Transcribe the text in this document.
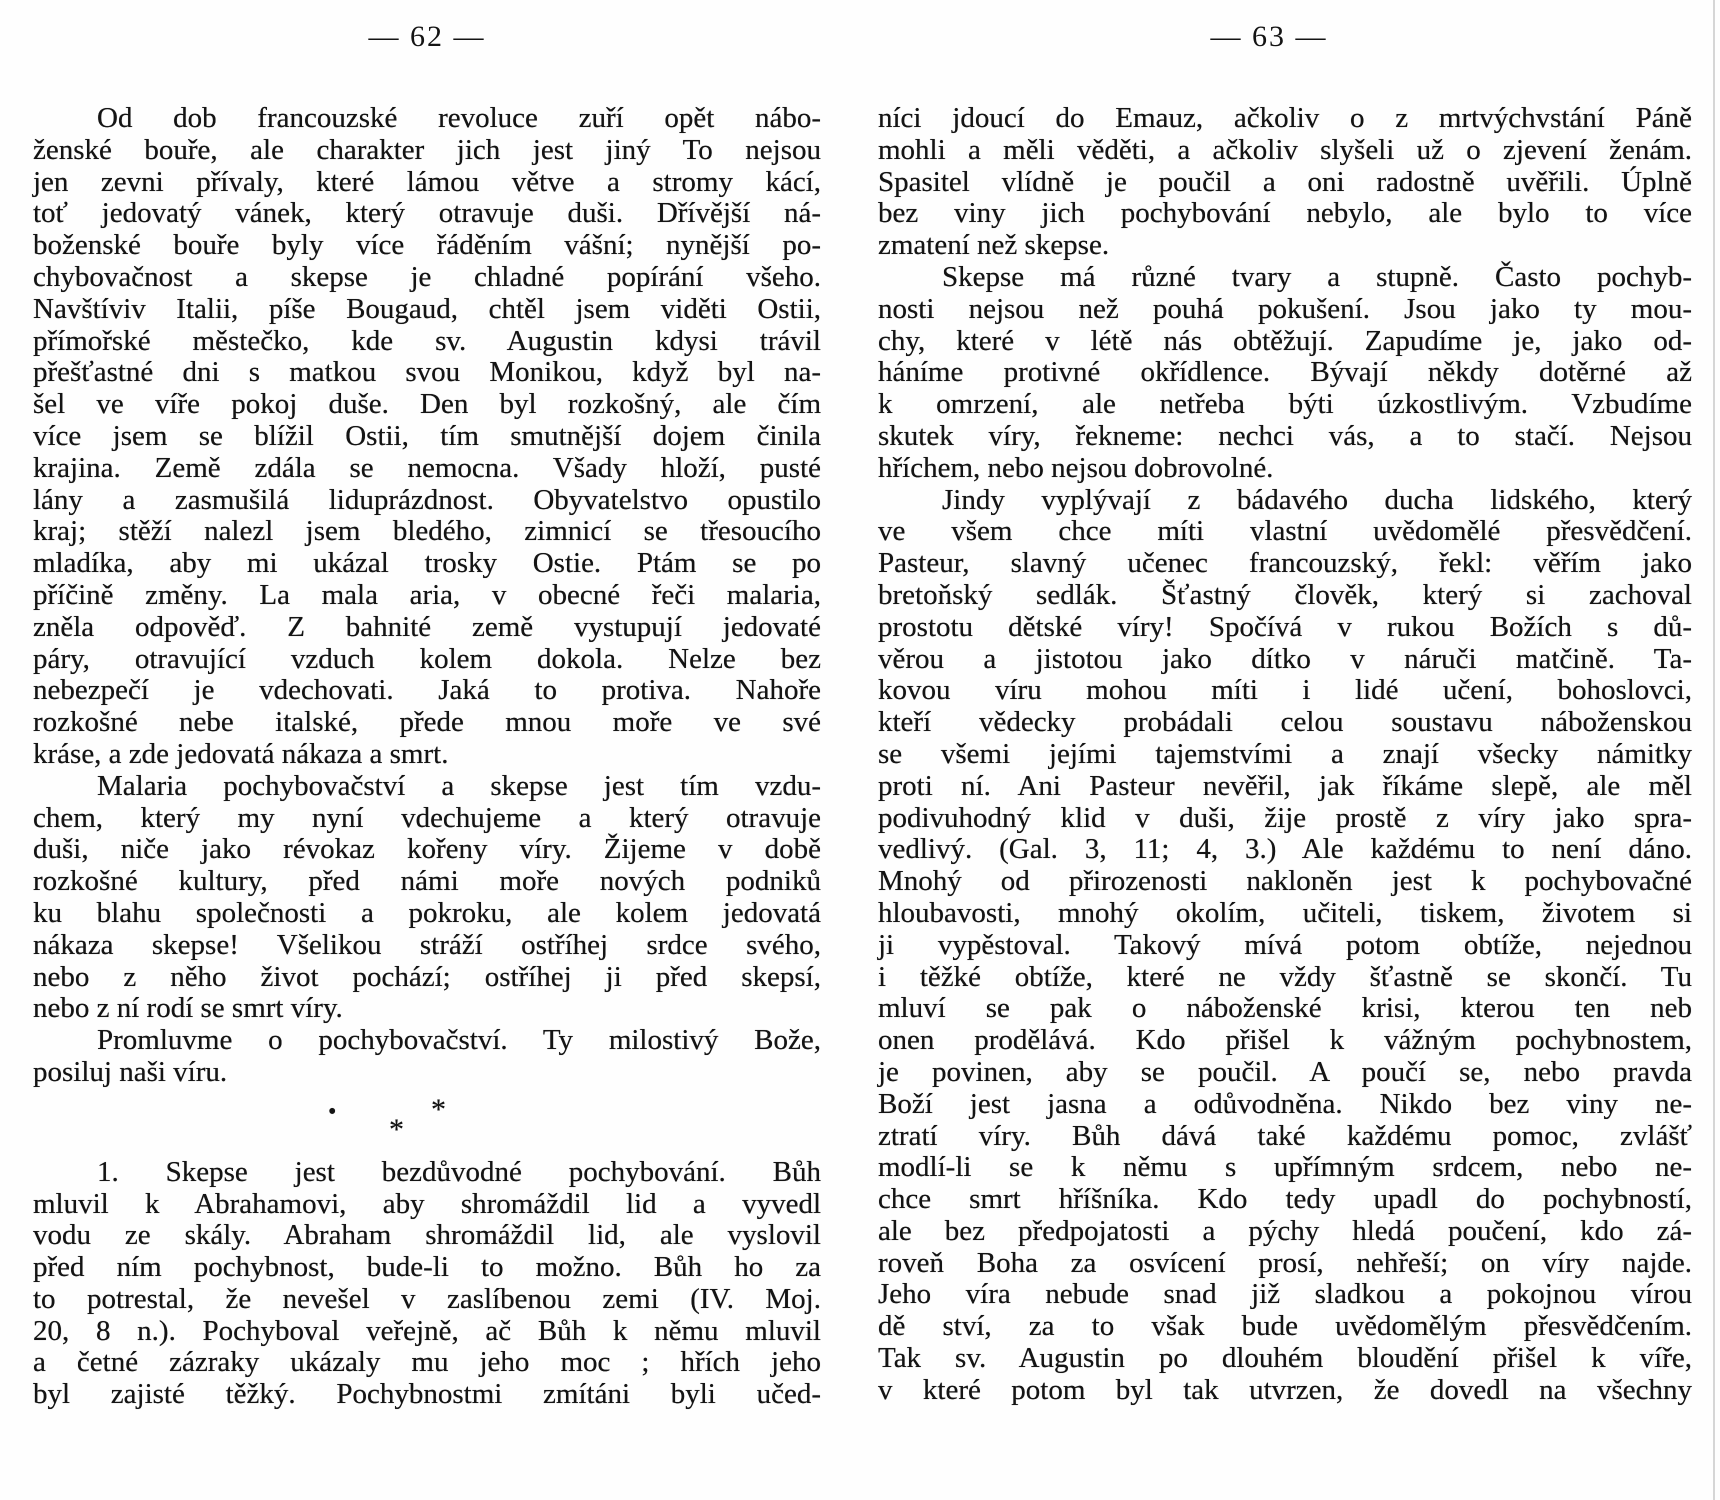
— 62 —
Od dob francouzské revoluce zuří opět nábo-
ženské bouře, ale charakter jich jest jiný To nejsou
jen zevni přívaly, které lámou větve a stromy kácí,
toť jedovatý vánek, který otravuje duši. Dřívější ná-
boženské bouře byly více řáděním vášní; nynější po-
chybovačnost a skepse je chladné popírání všeho.
Navštíviv Italii, píše Bougaud, chtěl jsem viděti Ostii,
přímořské městečko, kde sv. Augustin kdysi trávil
přešťastné dni s matkou svou Monikou, když byl na-
šel ve víře pokoj duše. Den byl rozkošný, ale čím
více jsem se blížil Ostii, tím smutnější dojem činila
krajina. Země zdála se nemocna. Všady hloží, pusté
lány a zasmušilá liduprázdnost. Obyvatelstvo opustilo
kraj; stěží nalezl jsem bledého, zimnicí se třesoucího
mladíka, aby mi ukázal trosky Ostie. Ptám se po
příčině změny. La mala aria, v obecné řeči malaria,
zněla odpověď. Z bahnité země vystupují jedovaté
páry, otravující vzduch kolem dokola. Nelze bez
nebezpečí je vdechovati. Jaká to protiva. Nahoře
rozkošné nebe italské, přede mnou moře ve své
kráse, a zde jedovatá nákaza a smrt.
Malaria pochybovačství a skepse jest tím vzdu-
chem, který my nyní vdechujeme a který otravuje
duši, niče jako révokaz kořeny víry. Žijeme v době
rozkošné kultury, před námi moře nových podniků
ku blahu společnosti a pokroku, ale kolem jedovatá
nákaza skepse! Všelikou stráží ostříhej srdce svého,
nebo z něho život pochází; ostříhej ji před skepsí,
nebo z ní rodí se smrt víry.
Promluvme o pochybovačství. Ty milostivý Bože,
posiluj naši víru.
•
*
*
1. Skepse jest bezdůvodné pochybování. Bůh
mluvil k Abrahamovi, aby shromáždil lid a vyvedl
vodu ze skály. Abraham shromáždil lid, ale vyslovil
před ním pochybnost, bude-li to možno. Bůh ho za
to potrestal, že nevešel v zaslíbenou zemi (IV. Moj.
20, 8 n.). Pochyboval veřejně, ač Bůh k němu mluvil
a četné zázraky ukázaly mu jeho moc ; hřích jeho
byl zajisté těžký. Pochybnostmi zmítáni byli učed-
— 63 —
níci jdoucí do Emauz, ačkoliv o z mrtvýchvstání Páně
mohli a měli věděti, a ačkoliv slyšeli už o zjevení ženám.
Spasitel vlídně je poučil a oni radostně uvěřili. Úplně
bez viny jich pochybování nebylo, ale bylo to více
zmatení než skepse.
Skepse má různé tvary a stupně. Často pochyb-
nosti nejsou než pouhá pokušení. Jsou jako ty mou-
chy, které v létě nás obtěžují. Zapudíme je, jako od-
háníme protivné okřídlence. Bývají někdy dotěrné až
k omrzení, ale netřeba býti úzkostlivým. Vzbudíme
skutek víry, řekneme: nechci vás, a to stačí. Nejsou
hříchem, nebo nejsou dobrovolné.
Jindy vyplývají z bádavého ducha lidského, který
ve všem chce míti vlastní uvědomělé přesvědčení.
Pasteur, slavný učenec francouzský, řekl: věřím jako
bretoňský sedlák. Šťastný člověk, který si zachoval
prostotu dětské víry! Spočívá v rukou Božích s dů-
věrou a jistotou jako dítko v náruči matčině. Ta-
kovou víru mohou míti i lidé učení, bohoslovci,
kteří vědecky probádali celou soustavu náboženskou
se všemi jejími tajemstvími a znají všecky námitky
proti ní. Ani Pasteur nevěřil, jak říkáme slepě, ale měl
podivuhodný klid v duši, žije prostě z víry jako spra-
vedlivý. (Gal. 3, 11; 4, 3.) Ale každému to není dáno.
Mnohý od přirozenosti nakloněn jest k pochybovačné
hloubavosti, mnohý okolím, učiteli, tiskem, životem si
ji vypěstoval. Takový mívá potom obtíže, nejednou
i těžké obtíže, které ne vždy šťastně se skončí. Tu
mluví se pak o náboženské krisi, kterou ten neb
onen prodělává. Kdo přišel k vážným pochybnostem,
je povinen, aby se poučil. A poučí se, nebo pravda
Boží jest jasna a odůvodněna. Nikdo bez viny ne-
ztratí víry. Bůh dává také každému pomoc, zvlášť
modlí-li se k němu s upřímným srdcem, nebo ne-
chce smrt hříšníka. Kdo tedy upadl do pochybností,
ale bez předpojatosti a pýchy hledá poučení, kdo zá-
roveň Boha za osvícení prosí, nehřeší; on víry najde.
Jeho víra nebude snad již sladkou a pokojnou vírou
dě ství, za to však bude uvědomělým přesvědčením.
Tak sv. Augustin po dlouhém bloudění přišel k víře,
v které potom byl tak utvrzen, že dovedl na všechny
